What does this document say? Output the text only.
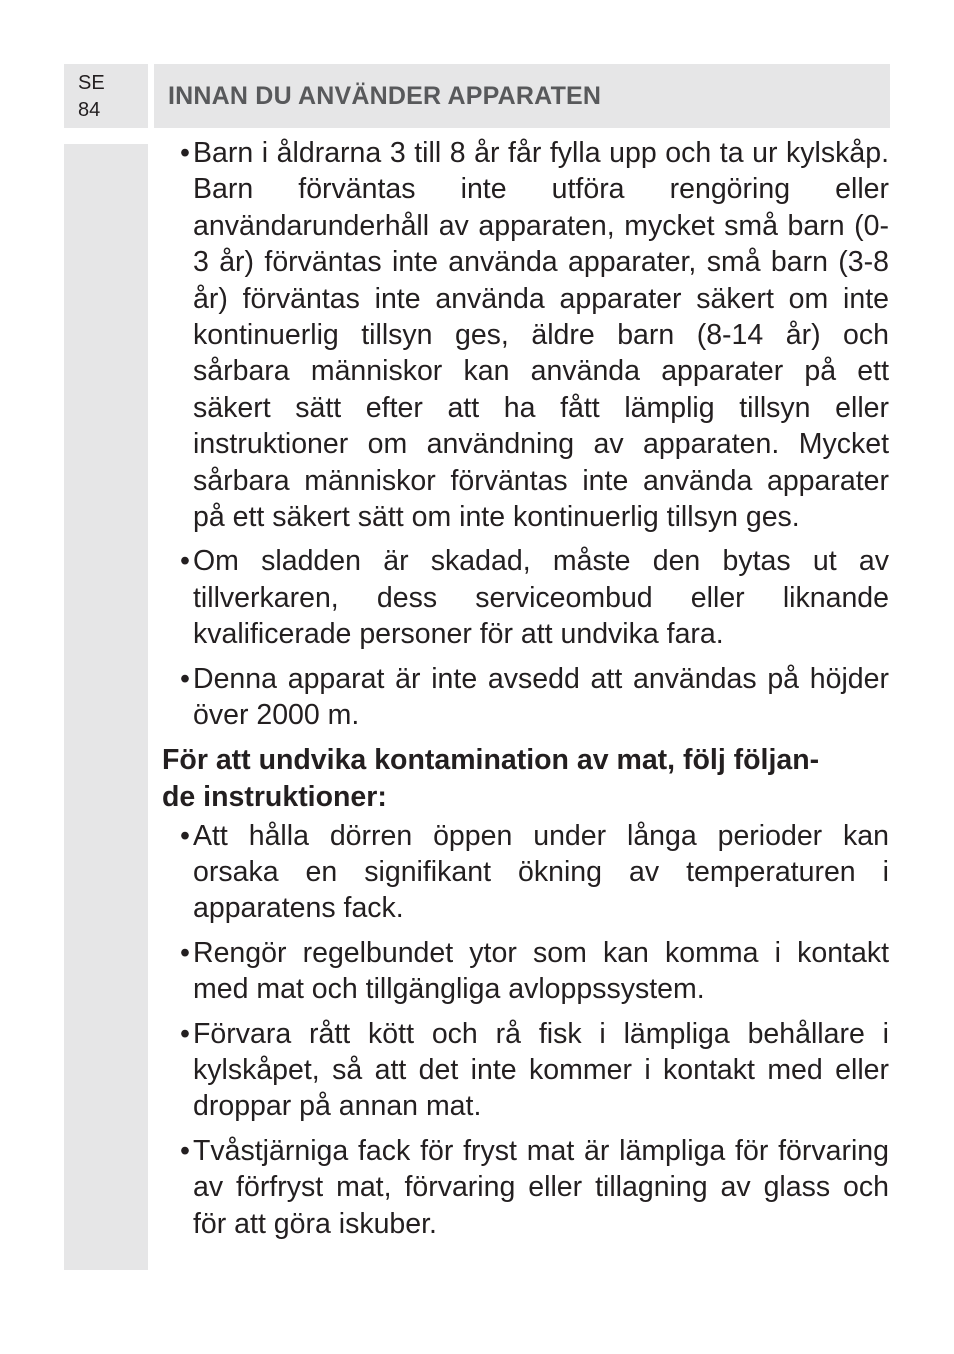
SE
84
INNAN DU ANVÄNDER APPARATEN
• Barn i åldrarna 3 till 8 år får fylla upp och ta ur kylskåp. Barn förväntas inte utföra rengöring eller användarunderhåll av apparaten, mycket små barn (0-3 år) förväntas inte använda apparater, små barn (3-8 år) förväntas inte använda apparater säkert om inte kontinuerlig tillsyn ges, äldre barn (8-14 år) och sårbara människor kan använda apparater på ett säkert sätt efter att ha fått lämplig tillsyn eller instruktioner om användning av apparaten. Mycket sårbara människor förväntas inte använda apparater på ett säkert sätt om inte kontinuerlig tillsyn ges.
• Om sladden är skadad, måste den bytas ut av tillverkaren, dess serviceombud eller liknande kvalificerade personer för att undvika fara.
• Denna apparat är inte avsedd att användas på höjder över 2000 m.
För att undvika kontamination av mat, följ följan-
de instruktioner:
• Att hålla dörren öppen under långa perioder kan orsaka en signifikant ökning av temperaturen i apparatens fack.
• Rengör regelbundet ytor som kan komma i kontakt med mat och tillgängliga avloppssystem.
• Förvara rått kött och rå fisk i lämpliga behållare i kylskåpet, så att det inte kommer i kontakt med eller droppar på annan mat.
• Tvåstjärniga fack för fryst mat är lämpliga för förvaring av förfryst mat, förvaring eller tillagning av glass och för att göra iskuber.
